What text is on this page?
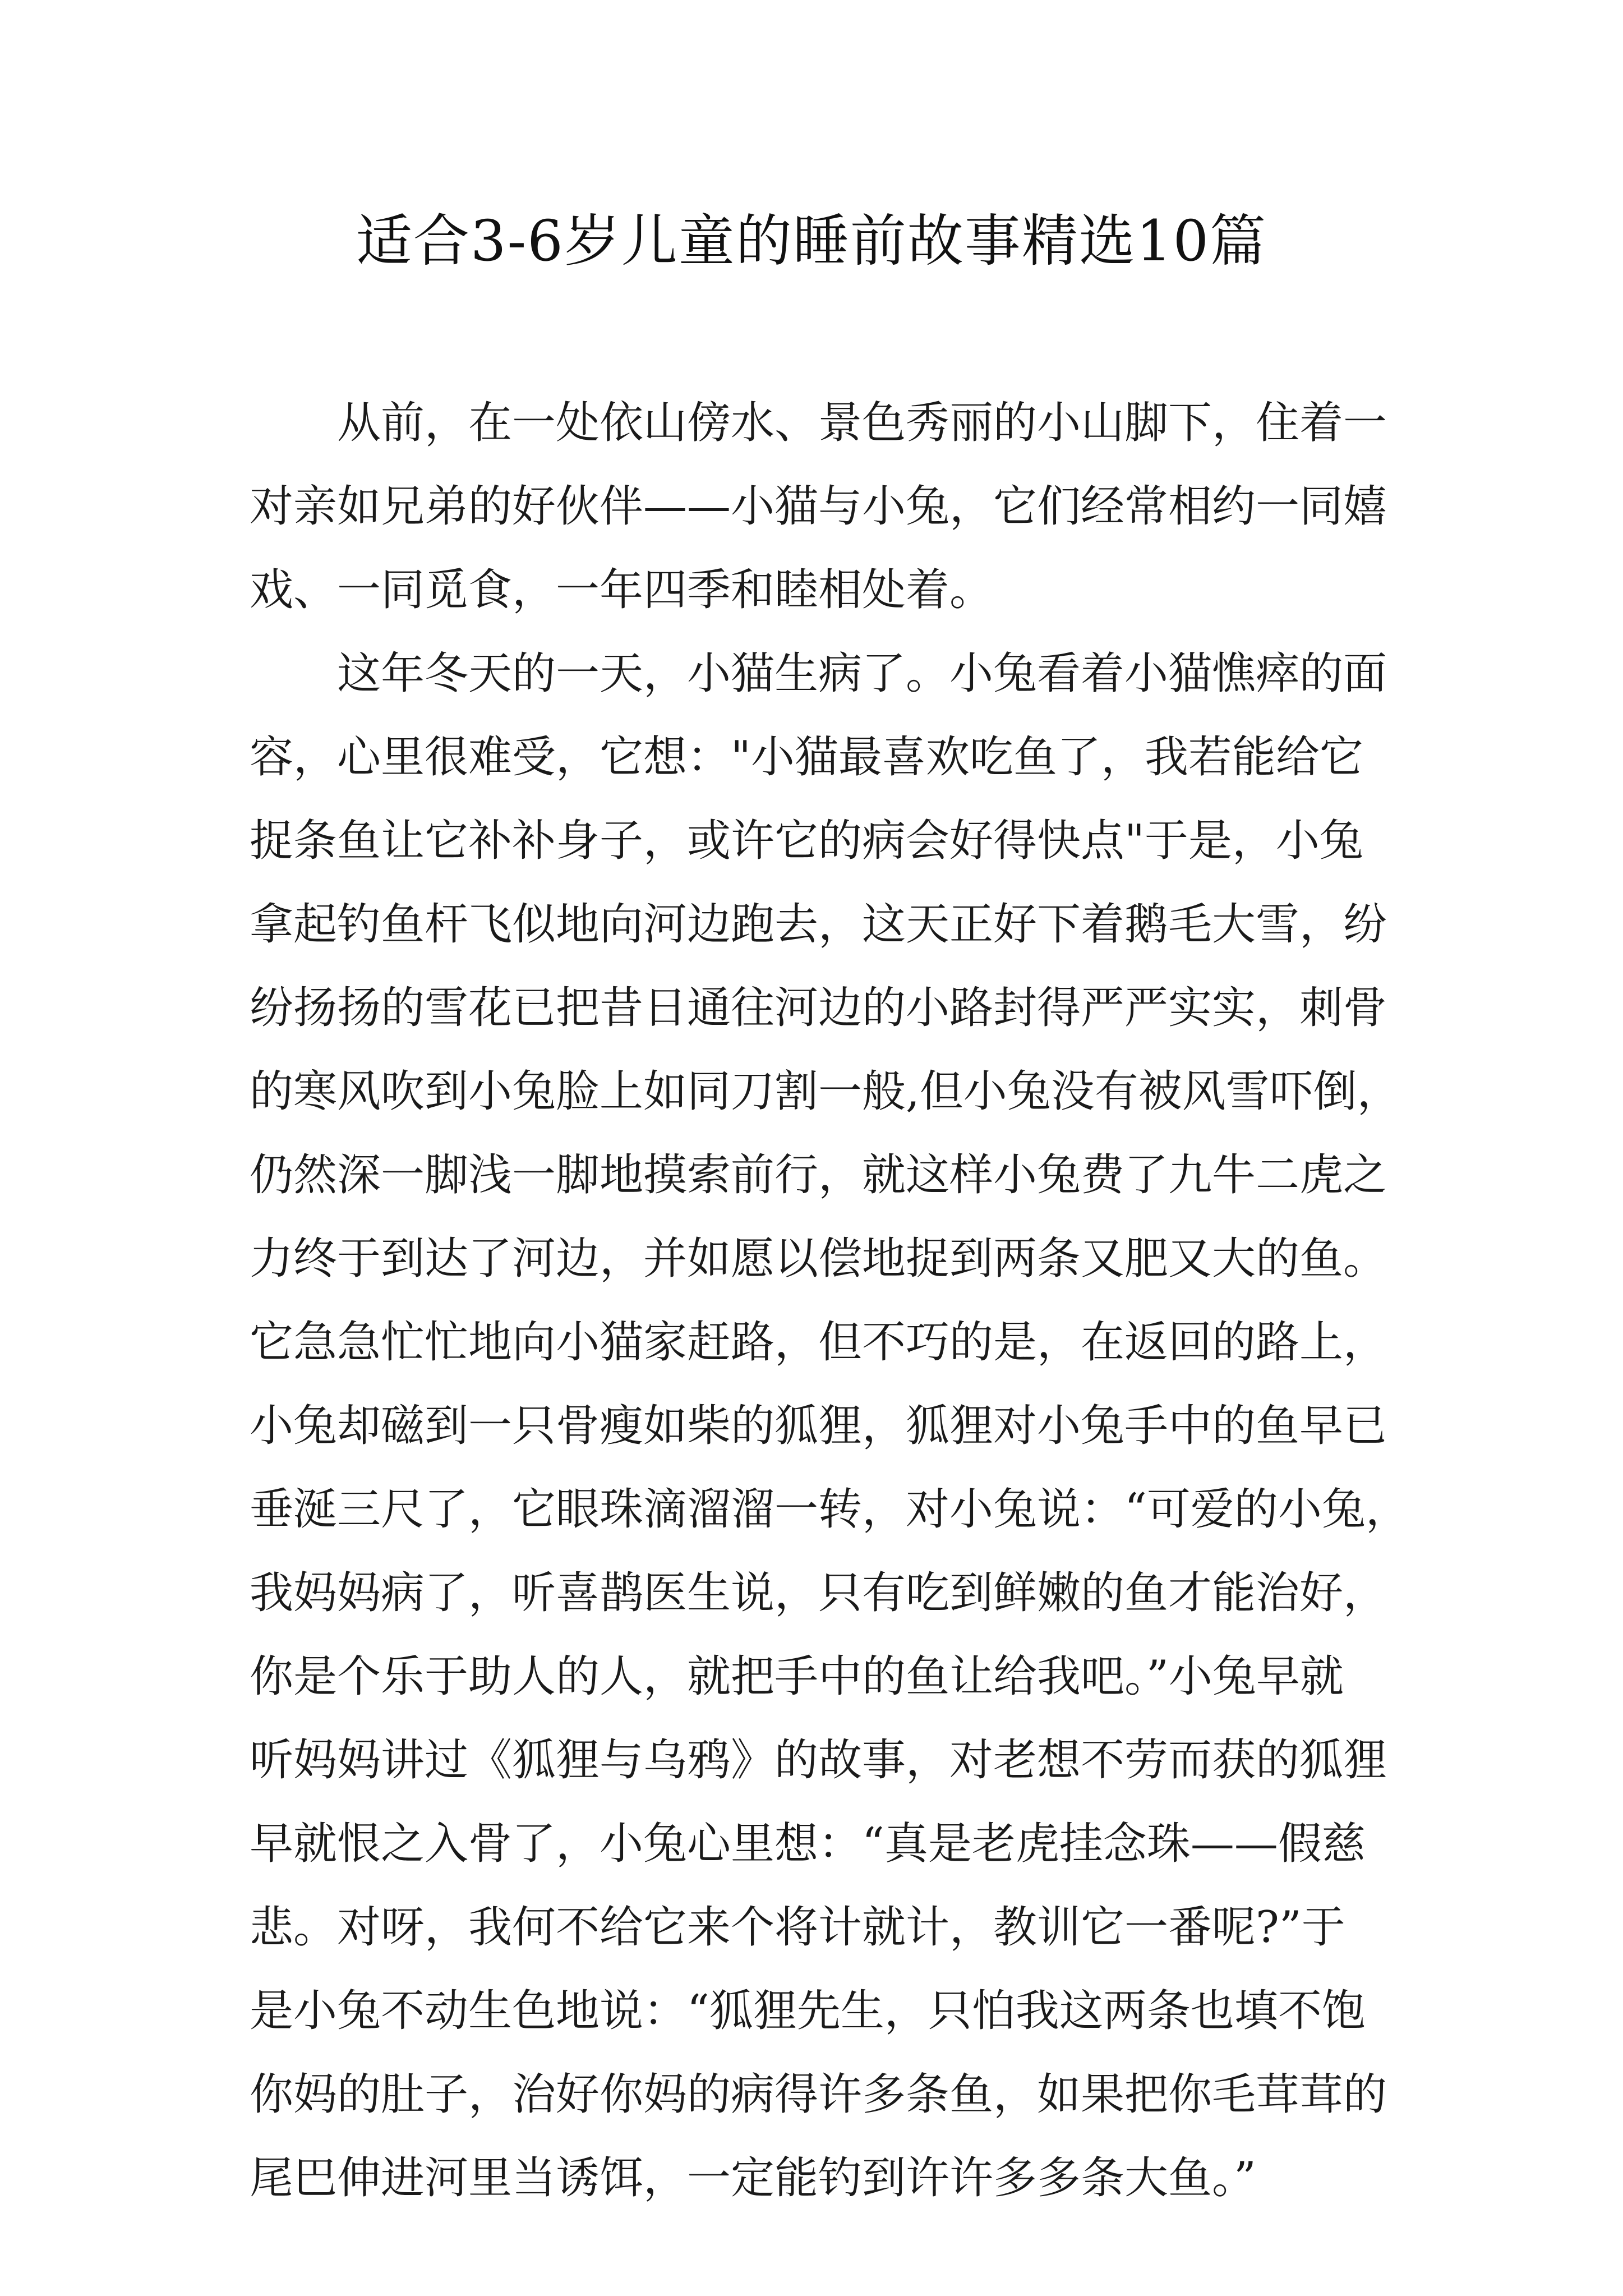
适合3-6岁儿童的睡前故事精选10篇
从前，在一处依山傍水、景色秀丽的小山脚下，住着一
对亲如兄弟的好伙伴——小猫与小兔，它们经常相约一同嬉
戏、一同觅食，一年四季和睦相处着。
这年冬天的一天，小猫生病了。小兔看着小猫憔瘁的面
容，心里很难受，它想："小猫最喜欢吃鱼了，我若能给它
捉条鱼让它补补身子，或许它的病会好得快点"于是，小兔
拿起钓鱼杆飞似地向河边跑去，这天正好下着鹅毛大雪，纷
纷扬扬的雪花已把昔日通往河边的小路封得严严实实，刺骨
的寒风吹到小兔脸上如同刀割一般,但小兔没有被风雪吓倒，
仍然深一脚浅一脚地摸索前行，就这样小兔费了九牛二虎之
力终于到达了河边，并如愿以偿地捉到两条又肥又大的鱼。
它急急忙忙地向小猫家赶路，但不巧的是，在返回的路上，
小兔却磁到一只骨瘦如柴的狐狸，狐狸对小兔手中的鱼早已
垂涎三尺了，它眼珠滴溜溜一转，对小兔说：“可爱的小兔，
我妈妈病了，听喜鹊医生说，只有吃到鲜嫩的鱼才能治好，
你是个乐于助人的人，就把手中的鱼让给我吧。”小兔早就
听妈妈讲过《狐狸与乌鸦》的故事，对老想不劳而获的狐狸
早就恨之入骨了，小兔心里想：“真是老虎挂念珠——假慈
悲。对呀，我何不给它来个将计就计，教训它一番呢?”于
是小兔不动生色地说：“狐狸先生，只怕我这两条也填不饱
你妈的肚子，治好你妈的病得许多条鱼，如果把你毛茸茸的
尾巴伸进河里当诱饵，一定能钓到许许多多条大鱼。”
